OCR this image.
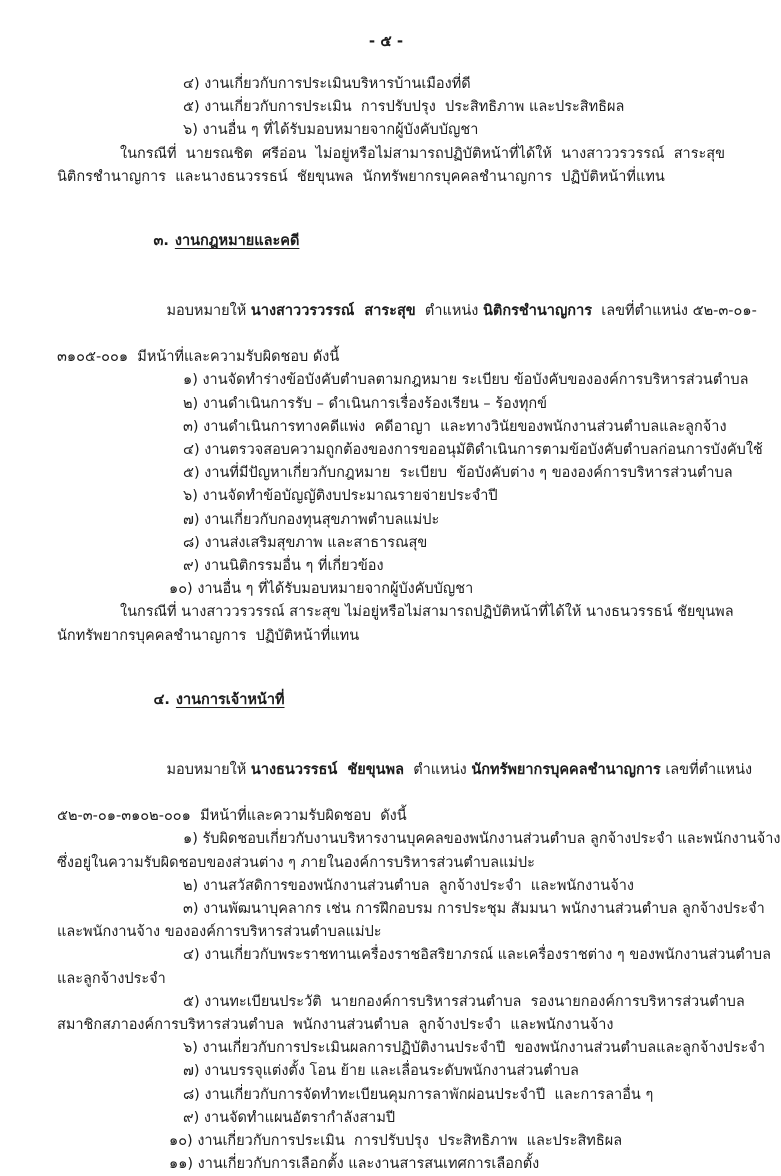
- ๕ -
๔) งานเกี่ยวกับการประเมินบริหารบ้านเมืองที่ดี
๕) งานเกี่ยวกับการประเมิน  การปรับปรุง  ประสิทธิภาพ และประสิทธิผล
๖) งานอื่น ๆ ที่ได้รับมอบหมายจากผู้บังคับบัญชา
ในกรณีที่  นายรณชิต  ศรีอ่อน  ไม่อยู่หรือไม่สามารถปฏิบัติหน้าที่ได้ให้  นางสาววรวรรณ์  สาระสุข
นิติกรชำนาญการ  และนางธนวรรธน์  ชัยขุนพล  นักทรัพยากรบุคคลชำนาญการ  ปฏิบัติหน้าที่แทน

๓. งานกฎหมายและคดี

มอบหมายให้ นางสาววรวรรณ์  สาระสุข  ตำแหน่ง นิติกรชำนาญการ  เลขที่ตำแหน่ง ๕๒-๓-๐๑-

๓๑๐๕-๐๐๑  มีหน้าที่และความรับผิดชอบ ดังนี้
๑) งานจัดทำร่างข้อบังคับตำบลตามกฎหมาย ระเบียบ ข้อบังคับขององค์การบริหารส่วนตำบล
๒) งานดำเนินการรับ – ดำเนินการเรื่องร้องเรียน – ร้องทุกข์
๓) งานดำเนินการทางคดีแพ่ง  คดีอาญา  และทางวินัยของพนักงานส่วนตำบลและลูกจ้าง
๔) งานตรวจสอบความถูกต้องของการขออนุมัติดำเนินการตามข้อบังคับตำบลก่อนการบังคับใช้
๕) งานที่มีปัญหาเกี่ยวกับกฎหมาย  ระเบียบ  ข้อบังคับต่าง ๆ ขององค์การบริหารส่วนตำบล
๖) งานจัดทำข้อบัญญัติงบประมาณรายจ่ายประจำปี
๗) งานเกี่ยวกับกองทุนสุขภาพตำบลแม่ปะ
๘) งานส่งเสริมสุขภาพ และสาธารณสุข
๙) งานนิติกรรมอื่น ๆ ที่เกี่ยวข้อง
๑๐) งานอื่น ๆ ที่ได้รับมอบหมายจากผู้บังคับบัญชา
ในกรณีที่ นางสาววรวรรณ์ สาระสุข ไม่อยู่หรือไม่สามารถปฏิบัติหน้าที่ได้ให้ นางธนวรรธน์ ชัยขุนพล
นักทรัพยากรบุคคลชำนาญการ  ปฏิบัติหน้าที่แทน

๔. งานการเจ้าหน้าที่

มอบหมายให้ นางธนวรรธน์  ชัยขุนพล  ตำแหน่ง นักทรัพยากรบุคคลชำนาญการ เลขที่ตำแหน่ง

๕๒-๓-๐๑-๓๑๐๒-๐๐๑  มีหน้าที่และความรับผิดชอบ  ดังนี้
๑) รับผิดชอบเกี่ยวกับงานบริหารงานบุคคลของพนักงานส่วนตำบล ลูกจ้างประจำ และพนักงานจ้าง
ซึ่งอยู่ในความรับผิดชอบของส่วนต่าง ๆ ภายในองค์การบริหารส่วนตำบลแม่ปะ
๒) งานสวัสดิการของพนักงานส่วนตำบล  ลูกจ้างประจำ  และพนักงานจ้าง
๓) งานพัฒนาบุคลากร เช่น การฝึกอบรม การประชุม สัมมนา พนักงานส่วนตำบล ลูกจ้างประจำ
และพนักงานจ้าง ขององค์การบริหารส่วนตำบลแม่ปะ
๔) งานเกี่ยวกับพระราชทานเครื่องราชอิสริยาภรณ์ และเครื่องราชต่าง ๆ ของพนักงานส่วนตำบล
และลูกจ้างประจำ
๕) งานทะเบียนประวัติ  นายกองค์การบริหารส่วนตำบล  รองนายกองค์การบริหารส่วนตำบล
สมาชิกสภาองค์การบริหารส่วนตำบล  พนักงานส่วนตำบล  ลูกจ้างประจำ  และพนักงานจ้าง
๖) งานเกี่ยวกับการประเมินผลการปฏิบัติงานประจำปี  ของพนักงานส่วนตำบลและลูกจ้างประจำ
๗) งานบรรจุแต่งตั้ง โอน ย้าย และเลื่อนระดับพนักงานส่วนตำบล
๘) งานเกี่ยวกับการจัดทำทะเบียนคุมการลาพักผ่อนประจำปี  และการลาอื่น ๆ
๙) งานจัดทำแผนอัตรากำลังสามปี
๑๐) งานเกี่ยวกับการประเมิน  การปรับปรุง  ประสิทธิภาพ  และประสิทธิผล
๑๑) งานเกี่ยวกับการเลือกตั้ง และงานสารสนเทศการเลือกตั้ง
